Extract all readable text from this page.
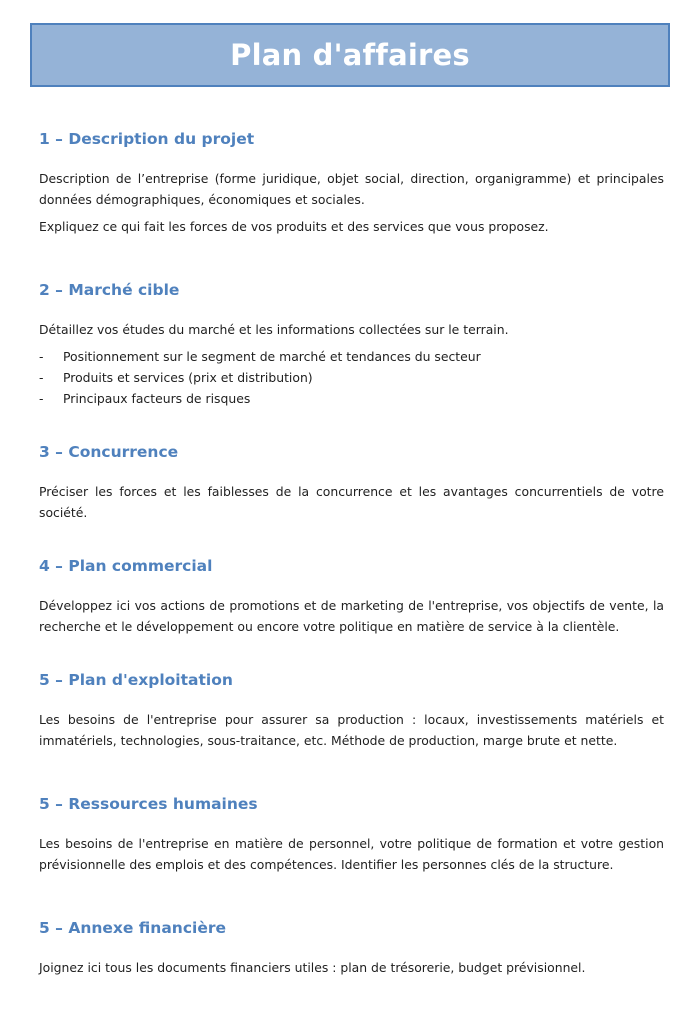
Plan d'affaires
1 – Description du projet

Description de l’entreprise (forme juridique, objet social, direction, organigramme) et principales données démographiques, économiques et sociales.

Expliquez ce qui fait les forces de vos produits et des services que vous proposez.

2 – Marché cible

Détaillez vos études du marché et les informations collectées sur le terrain.

- Positionnement sur le segment de marché et tendances du secteur
- Produits et services (prix et distribution)
- Principaux facteurs de risques
3 – Concurrence

Préciser les forces et les faiblesses de la concurrence et les avantages concurrentiels de votre société.

4 – Plan commercial

Développez ici vos actions de promotions et de marketing de l'entreprise, vos objectifs de vente, la recherche et le développement ou encore votre politique en matière de service à la clientèle.

5 – Plan d'exploitation

Les besoins de l'entreprise pour assurer sa production : locaux, investissements matériels et immatériels, technologies, sous-traitance, etc. Méthode de production, marge brute et nette.

5 – Ressources humaines

Les besoins de l'entreprise en matière de personnel, votre politique de formation et votre gestion prévisionnelle des emplois et des compétences. Identifier les personnes clés de la structure.

5 – Annexe financière

Joignez ici tous les documents financiers utiles : plan de trésorerie, budget prévisionnel.
